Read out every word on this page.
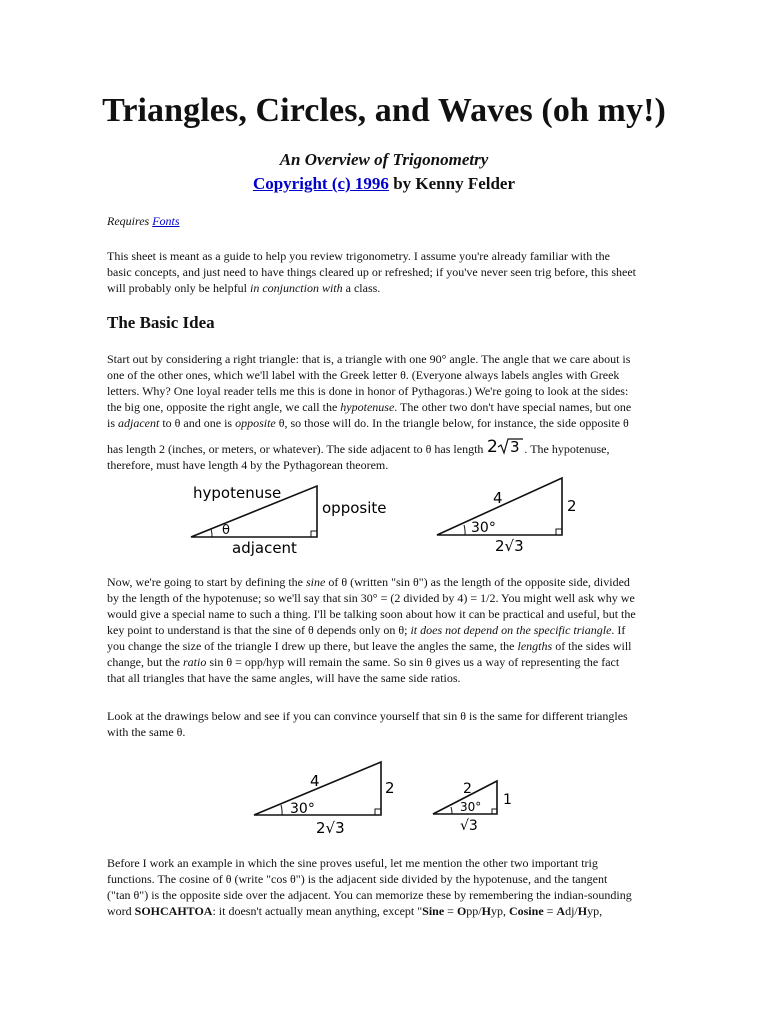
Triangles, Circles, and Waves (oh my!)
An Overview of Trigonometry
Copyright (c) 1996 by Kenny Felder
Requires Fonts
This sheet is meant as a guide to help you review trigonometry. I assume you're already familiar with the
basic concepts, and just need to have things cleared up or refreshed; if you've never seen trig before, this sheet
will probably only be helpful in conjunction with a class.
The Basic Idea
Start out by considering a right triangle: that is, a triangle with one 90° angle. The angle that we care about is
one of the other ones, which we'll label with the Greek letter θ. (Everyone always labels angles with Greek
letters. Why? One loyal reader tells me this is done in honor of Pythagoras.) We're going to look at the sides:
the big one, opposite the right angle, we call the hypotenuse. The other two don't have special names, but one
is adjacent to θ and one is opposite θ, so those will do. In the triangle below, for instance, the side opposite θ
has length 2 (inches, or meters, or whatever). The side adjacent to θ has length 2 3 . The hypotenuse,
therefore, must have length 4 by the Pythagorean theorem.
hypotenuse
opposite
adjacent
θ
4	2
2√3
30°
Now, we're going to start by defining the sine of θ (written "sin θ") as the length of the opposite side, divided
by the length of the hypotenuse; so we'll say that sin 30° = (2 divided by 4) = 1/2. You might well ask why we
would give a special name to such a thing. I'll be talking soon about how it can be practical and useful, but the
key point to understand is that the sine of θ depends only on θ; it does not depend on the specific triangle. If
you change the size of the triangle I drew up there, but leave the angles the same, the lengths of the sides will
change, but the ratio sin θ = opp/hyp will remain the same. So sin θ gives us a way of representing the fact
that all triangles that have the same angles, will have the same side ratios.
Look at the drawings below and see if you can convince yourself that sin θ is the same for different triangles
with the same θ.
4	2
2√3
30°
2
1
√3
30°
Before I work an example in which the sine proves useful, let me mention the other two important trig
functions. The cosine of θ (write "cos θ") is the adjacent side divided by the hypotenuse, and the tangent
("tan θ") is the opposite side over the adjacent. You can memorize these by remembering the indian-sounding
word SOHCAHTOA: it doesn't actually mean anything, except "Sine = Opp/Hyp, Cosine = Adj/Hyp,
